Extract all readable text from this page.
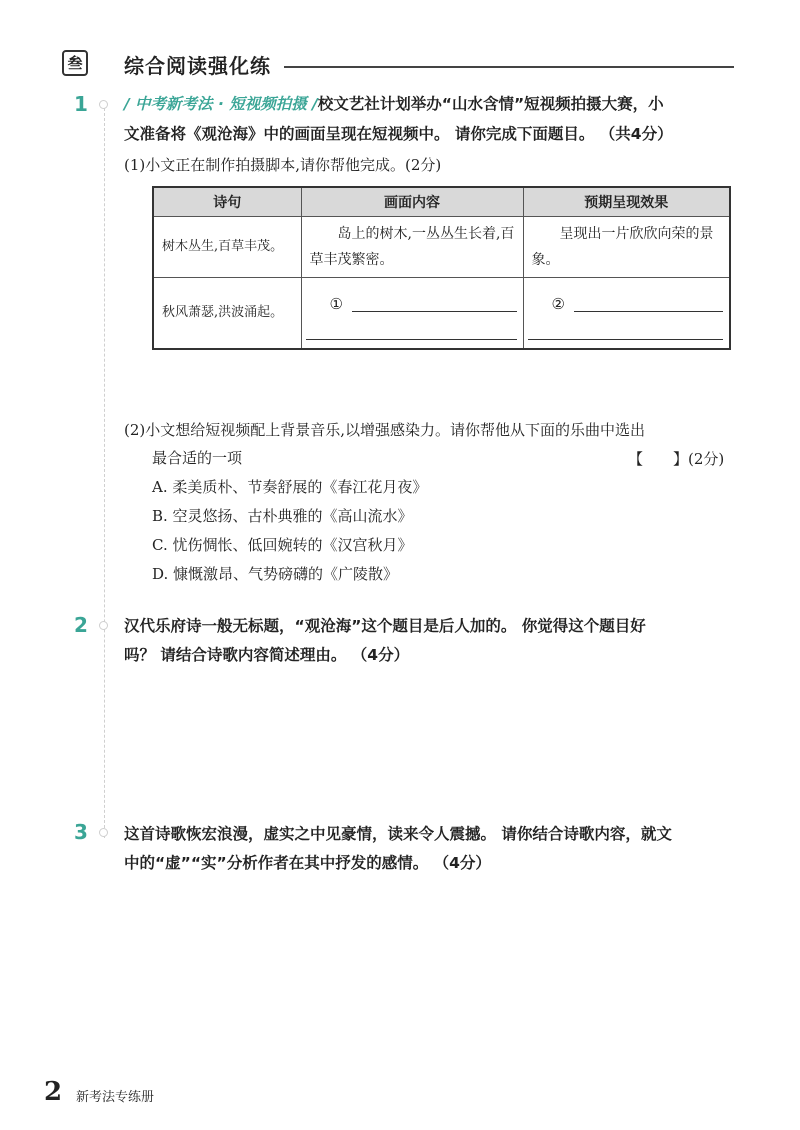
叁 综合阅读强化练
1 / 中考新考法 · 短视频拍摄 /校文艺社计划举办“山水含情”短视频拍摄大赛，小
文准备将《观沧海》中的画面呈现在短视频中。 请你完成下面题目。 （共4分）
(1)小文正在制作拍摄脚本,请你帮他完成。(2分)
诗句	画面内容	预期呈现效果
树木丛生,百草丰茂。	岛上的树木,一丛丛生长着,百草丰茂繁密。	呈现出一片欣欣向荣的景象。
秋风萧瑟,洪波涌起。	①	②
(2)小文想给短视频配上背景音乐,以增强感染力。请你帮他从下面的乐曲中选出
最合适的一项	【　　】(2分)
A. 柔美质朴、节奏舒展的《春江花月夜》
B. 空灵悠扬、古朴典雅的《高山流水》
C. 忧伤惆怅、低回婉转的《汉宫秋月》
D. 慷慨激昂、气势磅礴的《广陵散》
2 汉代乐府诗一般无标题，“观沧海”这个题目是后人加的。 你觉得这个题目好
吗？ 请结合诗歌内容简述理由。 （4分）
3 这首诗歌恢宏浪漫，虚实之中见豪情，读来令人震撼。 请你结合诗歌内容，就文
中的“虚”“实”分析作者在其中抒发的感情。 （4分）
2 新考法专练册
